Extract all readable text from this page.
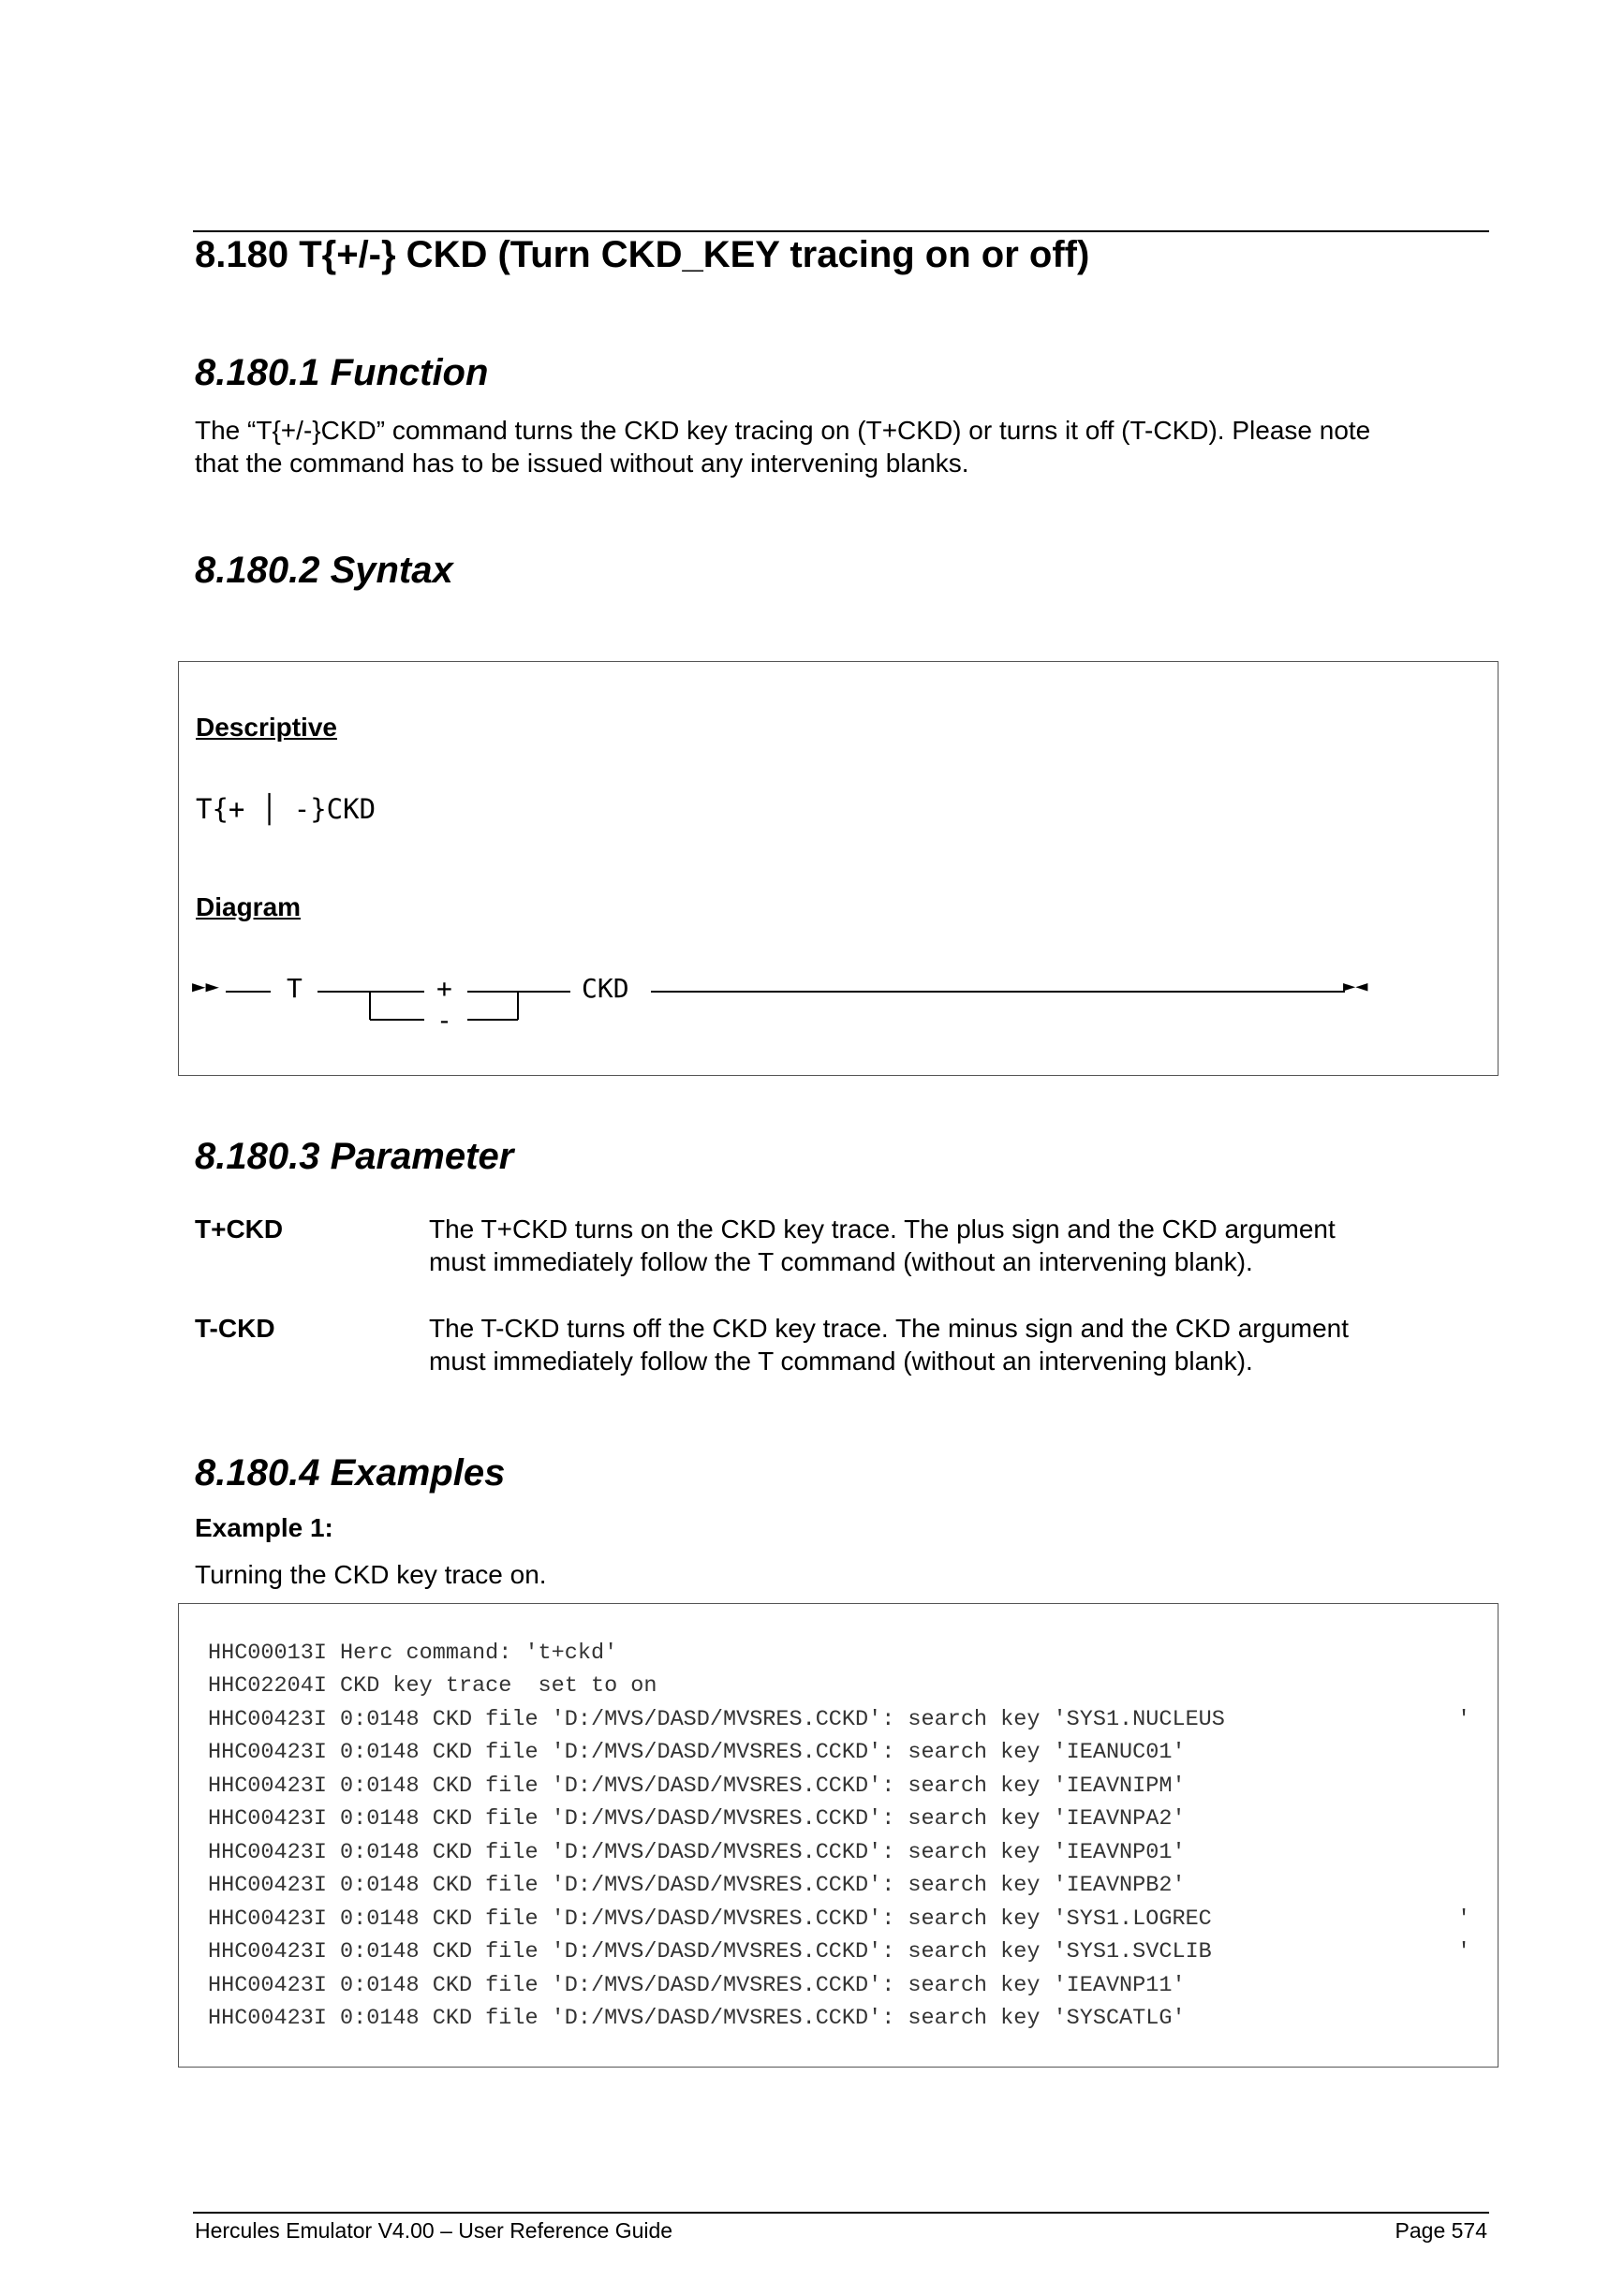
8.180 T{+/-} CKD (Turn CKD_KEY tracing on or off)
8.180.1 Function
The “T{+/-}CKD” command turns the CKD key tracing on (T+CKD) or turns it off (T-CKD). Please note
that the command has to be issued without any intervening blanks.
8.180.2 Syntax
Descriptive
T{+ │ -}CKD
Diagram
►►	T	+
-
CKD	►◄
8.180.3 Parameter
T+CKD	The T+CKD turns on the CKD key trace. The plus sign and the CKD argument
must immediately follow the T command (without an intervening blank).
T-CKD	The T-CKD turns off the CKD key trace. The minus sign and the CKD argument
must immediately follow the T command (without an intervening blank).
8.180.4 Examples
Example 1:
Turning the CKD key trace on.
HHC00013I Herc command: 't+ckd'
HHC02204I CKD key trace  set to on
HHC00423I 0:0148 CKD file 'D:/MVS/DASD/MVSRES.CCKD': search key 'SYS1.NUCLEUS
HHC00423I 0:0148 CKD file 'D:/MVS/DASD/MVSRES.CCKD': search key 'IEANUC01'
HHC00423I 0:0148 CKD file 'D:/MVS/DASD/MVSRES.CCKD': search key 'IEAVNIPM'
HHC00423I 0:0148 CKD file 'D:/MVS/DASD/MVSRES.CCKD': search key 'IEAVNPA2'
HHC00423I 0:0148 CKD file 'D:/MVS/DASD/MVSRES.CCKD': search key 'IEAVNP01'
HHC00423I 0:0148 CKD file 'D:/MVS/DASD/MVSRES.CCKD': search key 'IEAVNPB2'
HHC00423I 0:0148 CKD file 'D:/MVS/DASD/MVSRES.CCKD': search key 'SYS1.LOGREC
HHC00423I 0:0148 CKD file 'D:/MVS/DASD/MVSRES.CCKD': search key 'SYS1.SVCLIB
HHC00423I 0:0148 CKD file 'D:/MVS/DASD/MVSRES.CCKD': search key 'IEAVNP11'
HHC00423I 0:0148 CKD file 'D:/MVS/DASD/MVSRES.CCKD': search key 'SYSCATLG'
'
'
'
Hercules Emulator V4.00 – User Reference Guide	Page 574
